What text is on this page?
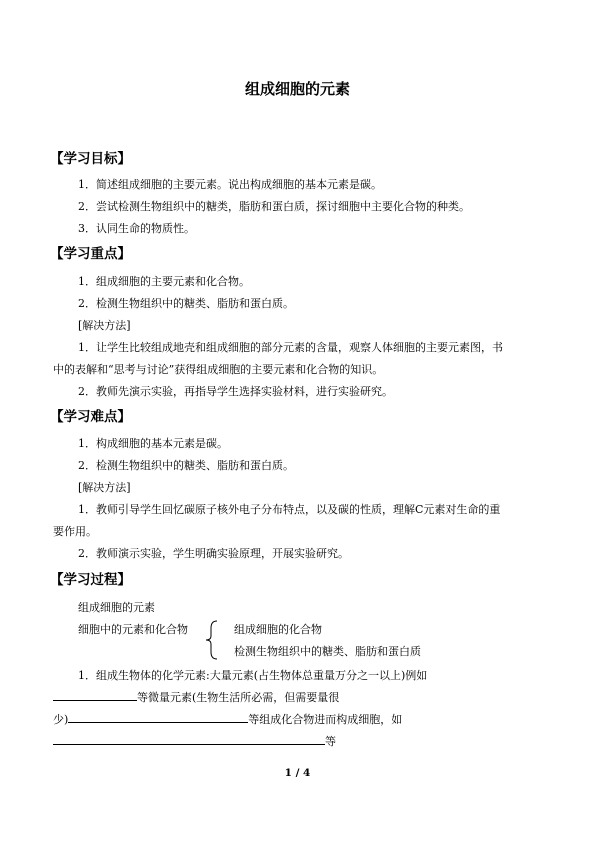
组成细胞的元素
【学习目标】
1．简述组成细胞的主要元素。说出构成细胞的基本元素是碳。
2．尝试检测生物组织中的糖类，脂肪和蛋白质，探讨细胞中主要化合物的种类。
3．认同生命的物质性。
【学习重点】
1．组成细胞的主要元素和化合物。
2．检测生物组织中的糖类、脂肪和蛋白质。
[解决方法]
1．让学生比较组成地壳和组成细胞的部分元素的含量，观察人体细胞的主要元素图，书
中的表解和“思考与讨论”获得组成细胞的主要元素和化合物的知识。
2．教师先演示实验，再指导学生选择实验材料，进行实验研究。
【学习难点】
1．构成细胞的基本元素是碳。
2．检测生物组织中的糖类、脂肪和蛋白质。
[解决方法]
1．教师引导学生回忆碳原子核外电子分布特点，以及碳的性质，理解C元素对生命的重
要作用。
2．教师演示实验，学生明确实验原理，开展实验研究。
【学习过程】
组成细胞的元素
细胞中的元素和化合物	组成细胞的化合物
检测生物组织中的糖类、脂肪和蛋白质
1．组成生物体的化学元素:大量元素(占生物体总重量万分之一以上)例如
等微量元素(生物生活所必需，但需要量很
少)	等组成化合物进而构成细胞，如
等
1 / 4
